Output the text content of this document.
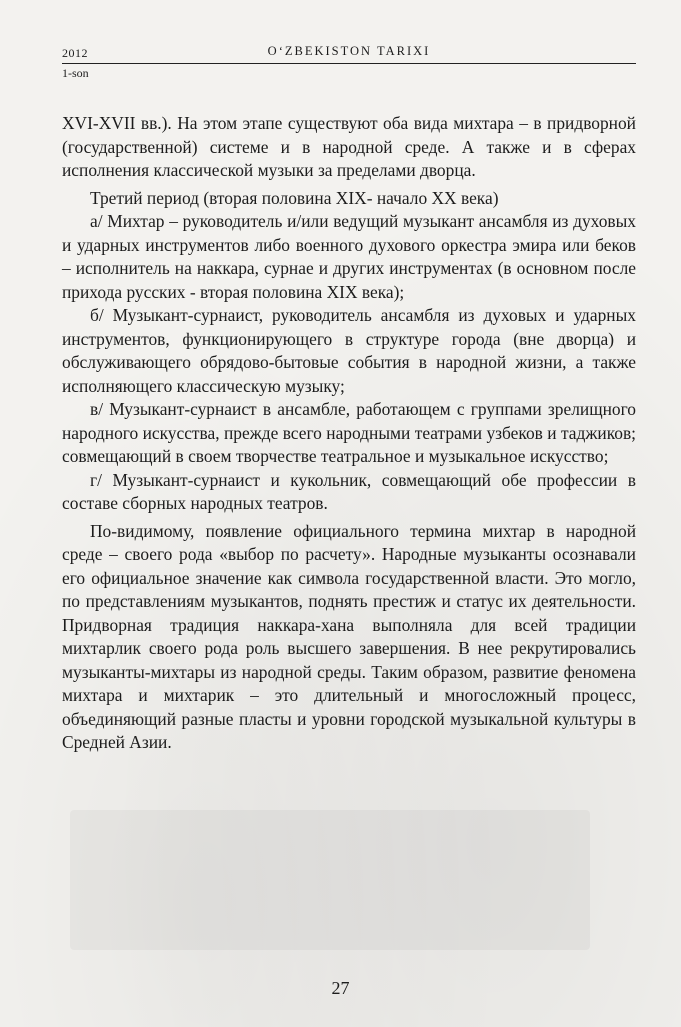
2012	O‘ZBEKISTON TARIXI
1-son

XVI-XVII вв.). На этом этапе существуют оба вида михтара – в придворной (государственной) системе и в народной среде. А также и в сферах исполнения классической музыки за пределами дворца.

Третий период (вторая половина XIX- начало XX века)

а/ Михтар – руководитель и/или ведущий музыкант ансамбля из духовых и ударных инструментов либо военного духового оркестра эмира или беков – исполнитель на наккара, сурнае и других инструментах (в основном после прихода русских - вторая половина XIX века);

б/ Музыкант-сурнаист, руководитель ансамбля из духовых и ударных инструментов, функционирующего в структуре города (вне дворца) и обслуживающего обрядово-бытовые события в народной жизни, а также исполняющего классическую музыку;

в/ Музыкант-сурнаист в ансамбле, работающем с группами зрелищного народного искусства, прежде всего народными театрами узбеков и таджиков; совмещающий в своем творчестве театральное и музыкальное искусство;

г/ Музыкант-сурнаист и кукольник, совмещающий обе профессии в составе сборных народных театров.

По-видимому, появление официального термина михтар в народной среде – своего рода «выбор по расчету». Народные музыканты осознавали его официальное значение как символа государственной власти. Это могло, по представлениям музыкантов, поднять престиж и статус их деятельности. Придворная традиция наккара-хана выполняла для всей традиции михтарлик своего рода роль высшего завершения. В нее рекрутировались музыканты-михтары из народной среды. Таким образом, развитие феномена михтара и михтарик – это длительный и многосложный процесс, объединяющий разные пласты и уровни городской музыкальной культуры в Средней Азии.

27
